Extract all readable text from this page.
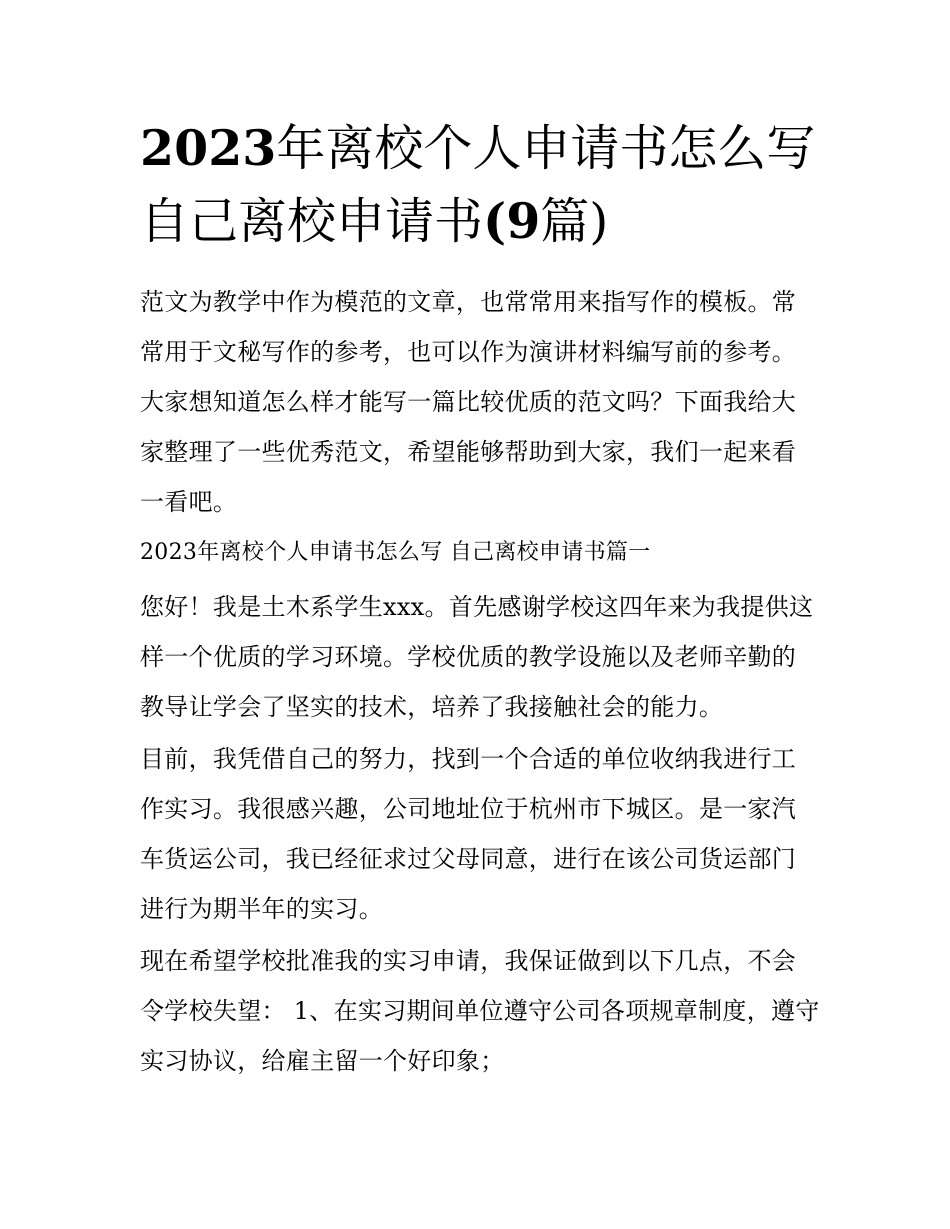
2023年离校个人申请书怎么写
自己离校申请书(9篇)

范文为教学中作为模范的文章，也常常用来指写作的模板。常常用于文秘写作的参考，也可以作为演讲材料编写前的参考。大家想知道怎么样才能写一篇比较优质的范文吗？下面我给大家整理了一些优秀范文，希望能够帮助到大家，我们一起来看一看吧。

2023年离校个人申请书怎么写 自己离校申请书篇一

您好！我是土木系学生xxx。首先感谢学校这四年来为我提供这样一个优质的学习环境。学校优质的教学设施以及老师辛勤的教导让学会了坚实的技术，培养了我接触社会的能力。

目前，我凭借自己的努力，找到一个合适的单位收纳我进行工作实习。我很感兴趣，公司地址位于杭州市下城区。是一家汽车货运公司，我已经征求过父母同意，进行在该公司货运部门进行为期半年的实习。

现在希望学校批准我的实习申请，我保证做到以下几点，不会令学校失望： 1、在实习期间单位遵守公司各项规章制度，遵守实习协议，给雇主留一个好印象；
